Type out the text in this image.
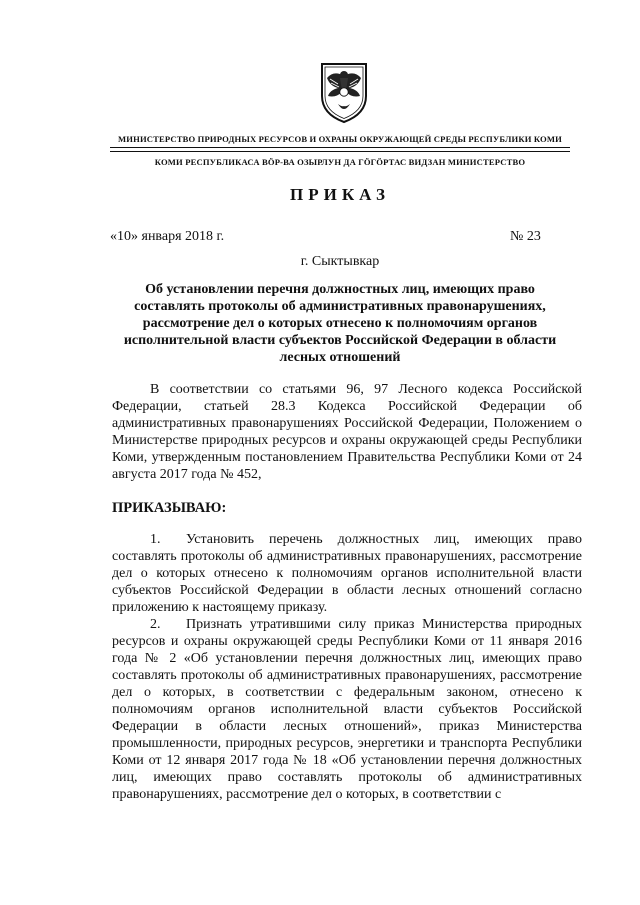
МИНИСТЕРСТВО ПРИРОДНЫХ РЕСУРСОВ И ОХРАНЫ ОКРУЖАЮЩЕЙ СРЕДЫ РЕСПУБЛИКИ КОМИ
КОМИ РЕСПУБЛИКАСА ВÖР-ВА ОЗЫРЛУН ДА ГÖГÖРТАС ВИДЗАН МИНИСТЕРСТВО
ПРИКАЗ
«10» января 2018 г.	№ 23
г. Сыктывкар
Об установлении перечня должностных лиц, имеющих право составлять протоколы об административных правонарушениях, рассмотрение дел о которых отнесено к полномочиям органов исполнительной власти субъектов Российской Федерации в области лесных отношений

В соответствии со статьями 96, 97 Лесного кодекса Российской Федерации, статьей 28.3 Кодекса Российской Федерации об административных правонарушениях Российской Федерации, Положением о Министерстве природных ресурсов и охраны окружающей среды Республики Коми, утвержденным постановлением Правительства Республики Коми от 24 августа 2017 года № 452,

ПРИКАЗЫВАЮ:

1. Установить перечень должностных лиц, имеющих право составлять протоколы об административных правонарушениях, рассмотрение дел о которых отнесено к полномочиям органов исполнительной власти субъектов Российской Федерации в области лесных отношений согласно приложению к настоящему приказу.

2. Признать утратившими силу приказ Министерства природных ресурсов и охраны окружающей среды Республики Коми от 11 января 2016 года № 2 «Об установлении перечня должностных лиц, имеющих право составлять протоколы об административных правонарушениях, рассмотрение дел о которых, в соответствии с федеральным законом, отнесено к полномочиям органов исполнительной власти субъектов Российской Федерации в области лесных отношений», приказ Министерства промышленности, природных ресурсов, энергетики и транспорта Республики Коми от 12 января 2017 года № 18 «Об установлении перечня должностных лиц, имеющих право составлять протоколы об административных правонарушениях, рассмотрение дел о которых, в соответствии с
